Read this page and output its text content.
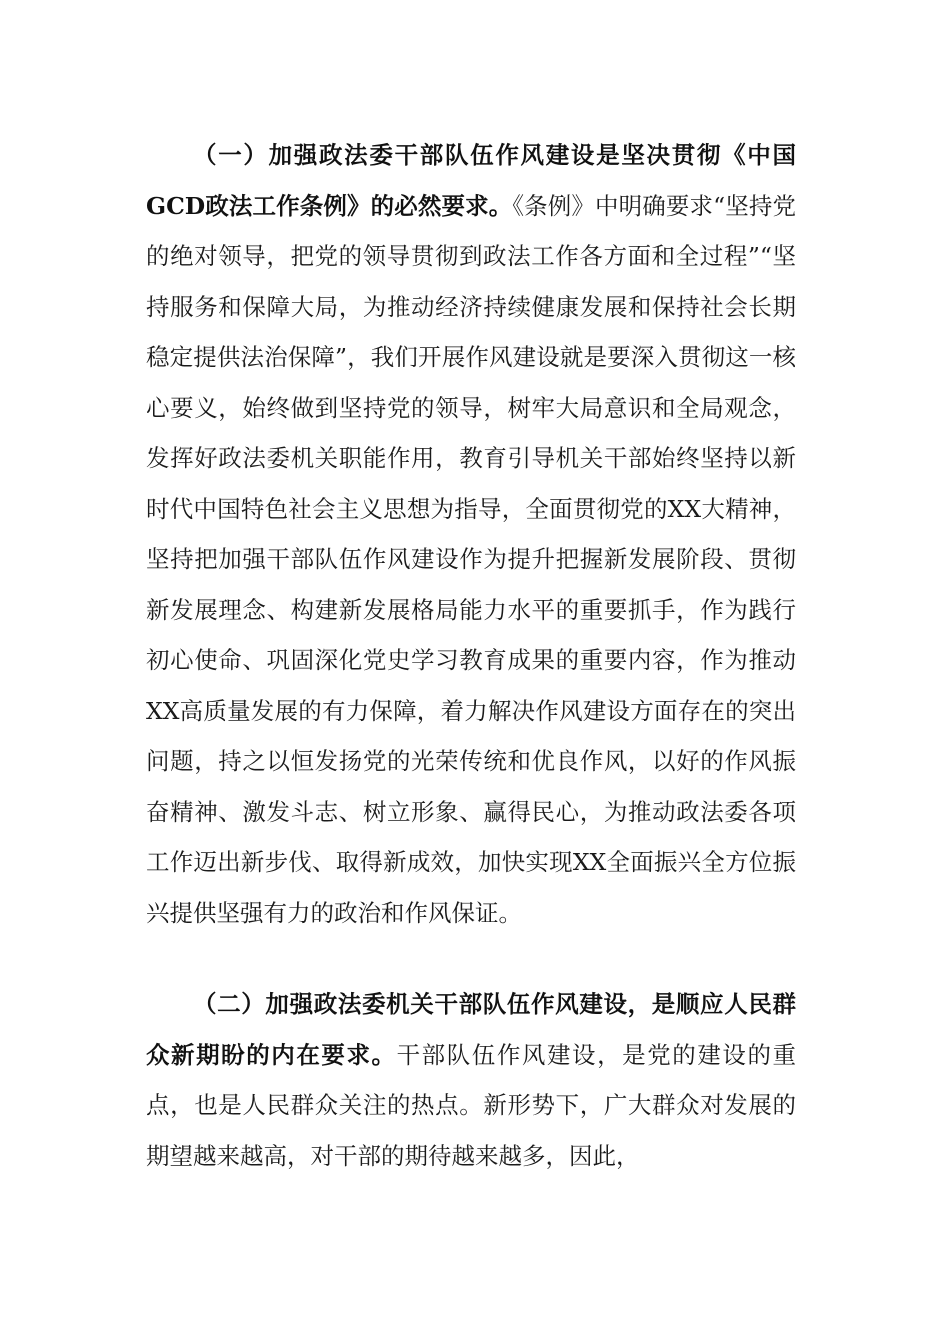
（一）加强政法委干部队伍作风建设是坚决贯彻《中国GCD政法工作条例》的必然要求。《条例》中明确要求“坚持党的绝对领导，把党的领导贯彻到政法工作各方面和全过程”“坚持服务和保障大局，为推动经济持续健康发展和保持社会长期稳定提供法治保障”，我们开展作风建设就是要深入贯彻这一核心要义，始终做到坚持党的领导，树牢大局意识和全局观念，发挥好政法委机关职能作用，教育引导机关干部始终坚持以新时代中国特色社会主义思想为指导，全面贯彻党的XX大精神，坚持把加强干部队伍作风建设作为提升把握新发展阶段、贯彻新发展理念、构建新发展格局能力水平的重要抓手，作为践行初心使命、巩固深化党史学习教育成果的重要内容，作为推动XX高质量发展的有力保障，着力解决作风建设方面存在的突出问题，持之以恒发扬党的光荣传统和优良作风，以好的作风振奋精神、激发斗志、树立形象、赢得民心，为推动政法委各项工作迈出新步伐、取得新成效，加快实现XX全面振兴全方位振兴提供坚强有力的政治和作风保证。

（二）加强政法委机关干部队伍作风建设，是顺应人民群众新期盼的内在要求。干部队伍作风建设，是党的建设的重点，也是人民群众关注的热点。新形势下，广大群众对发展的期望越来越高，对干部的期待越来越多，因此，
